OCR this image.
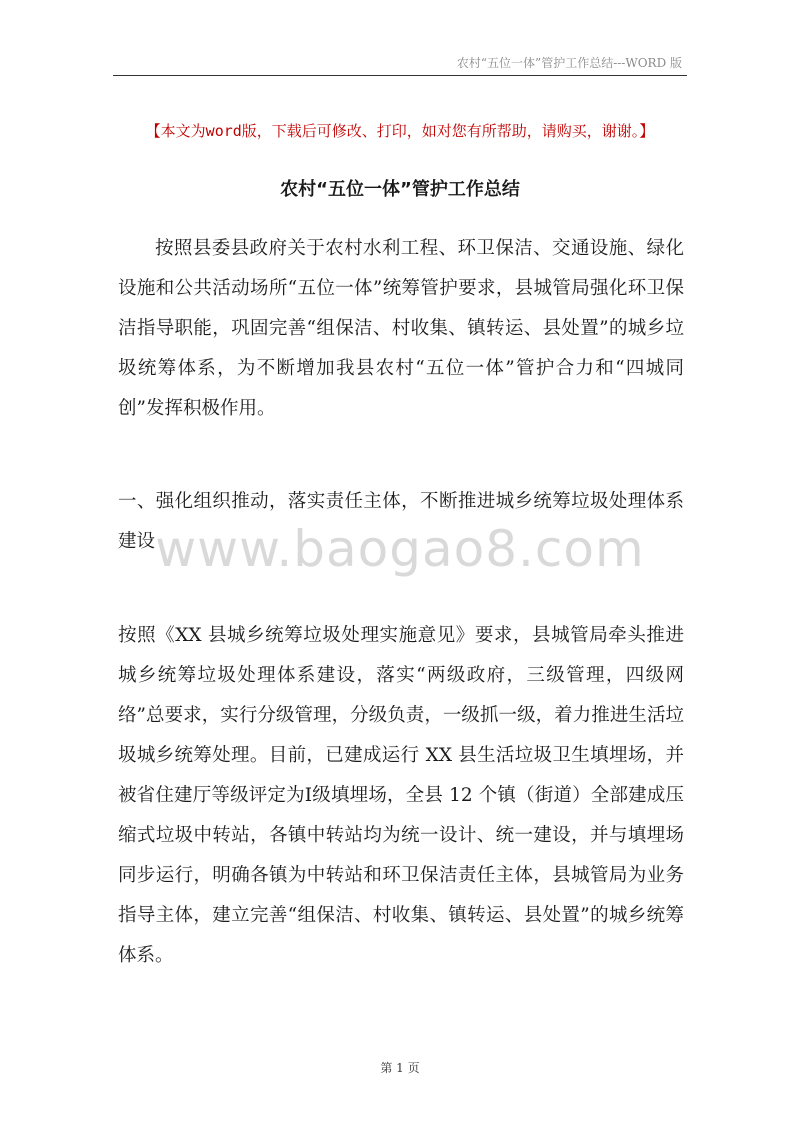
农村“五位一体”管护工作总结---WORD 版
【本文为word版，下载后可修改、打印，如对您有所帮助，请购买，谢谢。】
农村“五位一体”管护工作总结
按照县委县政府关于农村水利工程、环卫保洁、交通设施、绿化设施和公共活动场所“五位一体”统筹管护要求，县城管局强化环卫保洁指导职能，巩固完善“组保洁、村收集、镇转运、县处置”的城乡垃圾统筹体系，为不断增加我县农村“五位一体”管护合力和“四城同创”发挥积极作用。
一、强化组织推动，落实责任主体，不断推进城乡统筹垃圾处理体系建设 www.baogao8.com
按照《XX 县城乡统筹垃圾处理实施意见》要求，县城管局牵头推进城乡统筹垃圾处理体系建设，落实“两级政府，三级管理，四级网络”总要求，实行分级管理，分级负责，一级抓一级，着力推进生活垃圾城乡统筹处理。目前，已建成运行 XX 县生活垃圾卫生填埋场，并被省住建厅等级评定为Ⅰ级填埋场，全县 12 个镇（街道）全部建成压缩式垃圾中转站，各镇中转站均为统一设计、统一建设，并与填埋场同步运行，明确各镇为中转站和环卫保洁责任主体，县城管局为业务指导主体，建立完善“组保洁、村收集、镇转运、县处置”的城乡统筹体系。
第 1 页
